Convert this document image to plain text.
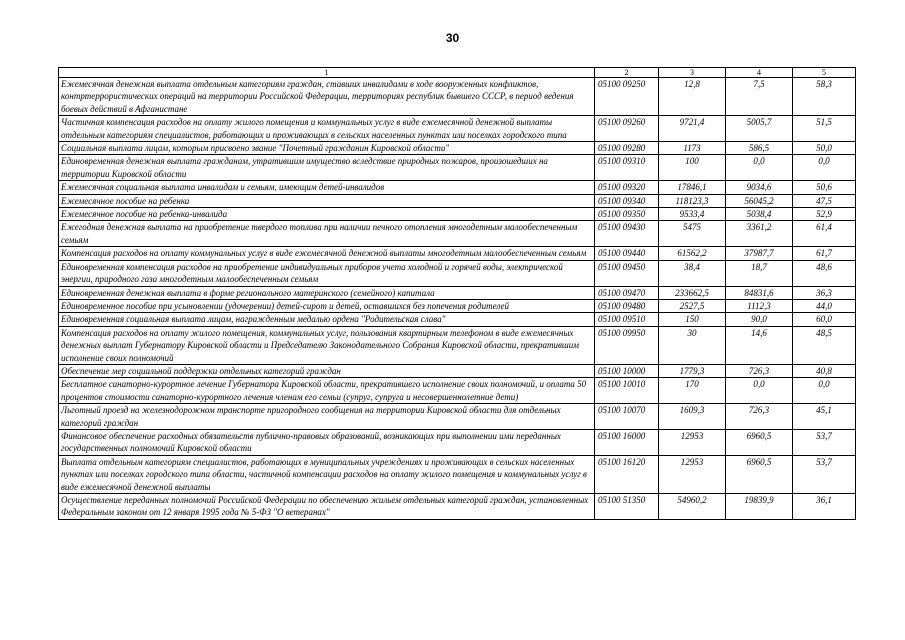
30
1	2	3	4	5
Ежемесячная денежная выплата отдельным категориям граждан, ставших инвалидами в ходе вооруженных конфликтов, контртеррористических операций на территории Российской Федерации, территориях республик бывшего СССР, в период ведения боевых действий в Афганистане	05100 09250	12,8	7,5	58,3
Частичная компенсация расходов на оплату жилого помещения и коммунальных услуг в виде ежемесячной денежной выплаты отдельным категориям специалистов, работающих и проживающих в сельских населенных пунктах или поселках городского типа	05100 09260	9721,4	5005,7	51,5
Социальная выплата лицам, которым присвоено звание "Почетный гражданин Кировской области"	05100 09280	1173	586,5	50,0
Единовременная денежная выплата гражданам, утратившим имущество вследствие природных пожаров, произошедших на территории Кировской области	05100 09310	100	0,0	0,0
Ежемесячная социальная выплата инвалидам и семьям, имеющим детей-инвалидов	05100 09320	17846,1	9034,6	50,6
Ежемесячное пособие на ребенка	05100 09340	118123,3	56045,2	47,5
Ежемесячное пособие на ребенка-инвалида	05100 09350	9533,4	5038,4	52,9
Ежегодная денежная выплата на приобретение твердого топлива при наличии печного отопления многодетным малообеспеченным семьям	05100 09430	5475	3361,2	61,4
Компенсация расходов на оплату коммунальных услуг в виде ежемесячной денежной выплаты многодетным малообеспеченным семьям	05100 09440	61562,2	37987,7	61,7
Единовременная компенсация расходов на приобретение индивидуальных приборов учета холодной и горячей воды, электрической энергии, природного газа многодетным малообеспеченным семьям	05100 09450	38,4	18,7	48,6
Единовременная денежная выплата в форме регионального материнского (семейного) капитала	05100 09470	233662,5	84831,6	36,3
Единовременное пособие при усыновлении (удочерении) детей-сирот и детей, оставшихся без попечения родителей	05100 09480	2527,5	1112,3	44,0
Единовременная социальная выплата лицам, награжденным медалью ордена "Родительская слава"	05100 09510	150	90,0	60,0
Компенсация расходов на оплату жилого помещения, коммунальных услуг, пользования квартирным телефоном в виде ежемесячных денежных выплат Губернатору Кировской области и Председателю Законодательного Собрания Кировской области, прекратившим исполнение своих полномочий	05100 09950	30	14,6	48,5
Обеспечение мер социальной поддержки отдельных категорий граждан	05100 10000	1779,3	726,3	40,8
Бесплатное санаторно-курортное лечение Губернатора Кировской области, прекратившего исполнение своих полномочий, и оплата 50 процентов стоимости санаторно-курортного лечения членам его семьи (супруг, супруга и несовершеннолетние дети)	05100 10010	170	0,0	0,0
Льготный проезд на железнодорожном транспорте пригородного сообщения на территории Кировской области для отдельных категорий граждан	05100 10070	1609,3	726,3	45,1
Финансовое обеспечение расходных обязательств публично-правовых образований, возникающих при выполнении ими переданных государственных полномочий Кировской области	05100 16000	12953	6960,5	53,7
Выплата отдельным категориям специалистов, работающих в муниципальных учреждениях и проживающих в сельских населенных пунктах или поселках городского типа области, частичной компенсации расходов на оплату жилого помещения и коммунальных услуг в виде ежемесячной денежной выплаты	05100 16120	12953	6960,5	53,7
Осуществление переданных полномочий Российской Федерации по обеспечению жильем отдельных категорий граждан, установленных Федеральным законом от 12 января 1995 года № 5-ФЗ "О ветеранах"	05100 51350	54960,2	19839,9	36,1
